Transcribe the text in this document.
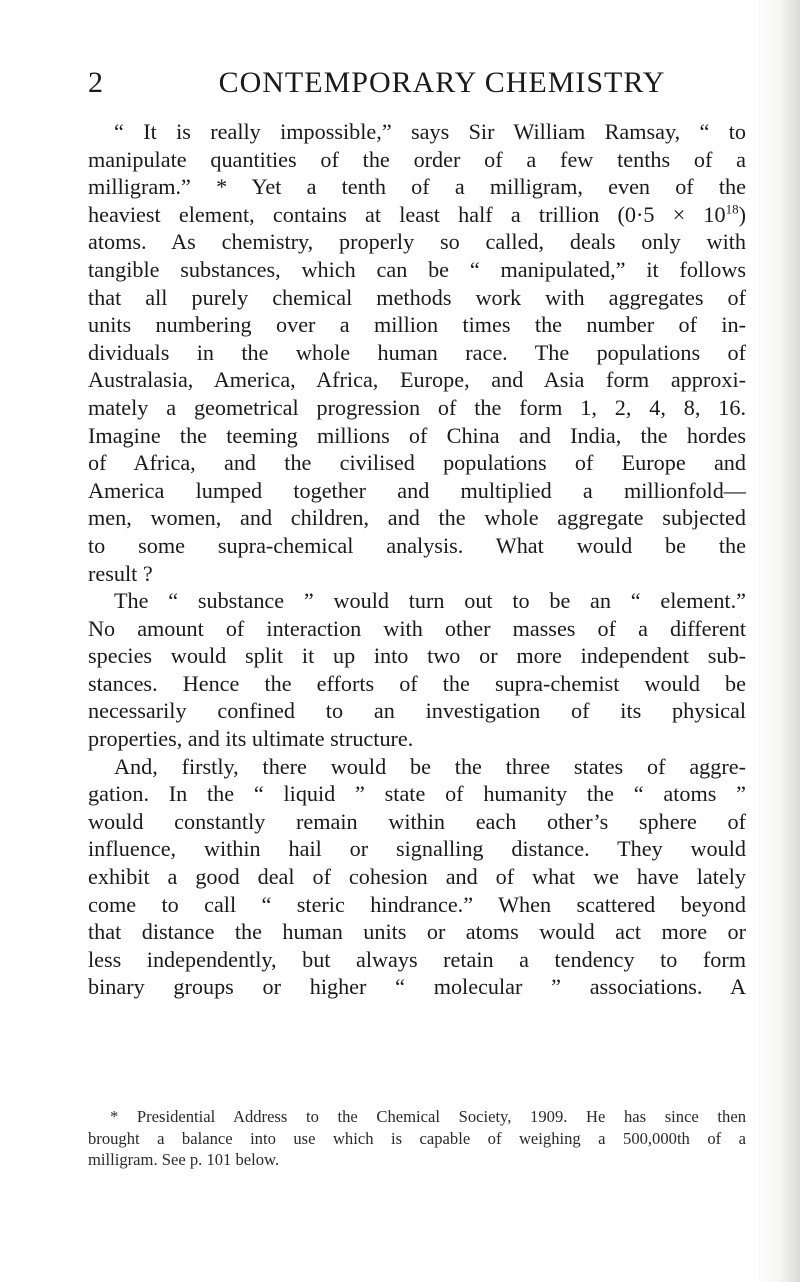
2	CONTEMPORARY CHEMISTRY
“ It is really impossible,” says Sir William Ramsay, “ to
manipulate quantities of the order of a few tenths of a
milligram.” * Yet a tenth of a milligram, even of the
heaviest element, contains at least half a trillion $(0\cdot 5 \times 10^{18})$
atoms. As chemistry, properly so called, deals only with
tangible substances, which can be “ manipulated,” it follows
that all purely chemical methods work with aggregates of
units numbering over a million times the number of in-
dividuals in the whole human race. The populations of
Australasia, America, Africa, Europe, and Asia form approxi-
mately a geometrical progression of the form 1, 2, 4, 8, 16.
Imagine the teeming millions of China and India, the hordes
of Africa, and the civilised populations of Europe and
America lumped together and multiplied a millionfold—
men, women, and children, and the whole aggregate subjected
to some supra-chemical analysis. What would be the
result ?
The “ substance ” would turn out to be an “ element.”
No amount of interaction with other masses of a different
species would split it up into two or more independent sub-
stances. Hence the efforts of the supra-chemist would be
necessarily confined to an investigation of its physical
properties, and its ultimate structure.
And, firstly, there would be the three states of aggre-
gation. In the “ liquid ” state of humanity the “ atoms ”
would constantly remain within each other’s sphere of
influence, within hail or signalling distance. They would
exhibit a good deal of cohesion and of what we have lately
come to call “ steric hindrance.” When scattered beyond
that distance the human units or atoms would act more or
less independently, but always retain a tendency to form
binary groups or higher “ molecular ” associations. A
* Presidential Address to the Chemical Society, 1909. He has since then
brought a balance into use which is capable of weighing a 500,000th of a
milligram. See p. 101 below.
